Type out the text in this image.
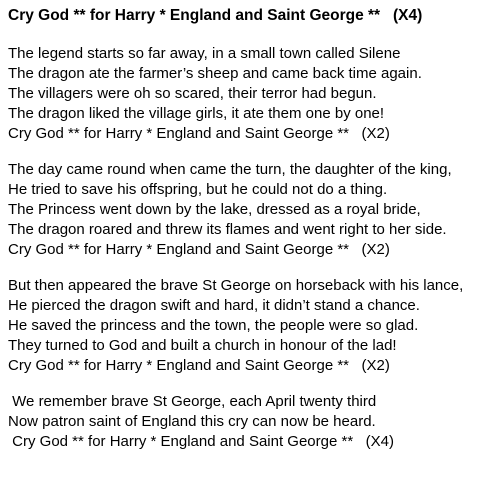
Cry God ** for Harry * England and Saint George **   (X4)
The legend starts so far away, in a small town called Silene
The dragon ate the farmer’s sheep and came back time again.
The villagers were oh so scared, their terror had begun.
The dragon liked the village girls, it ate them one by one!
Cry God ** for Harry * England and Saint George **   (X2)
The day came round when came the turn, the daughter of the king,
He tried to save his offspring, but he could not do a thing.
The Princess went down by the lake, dressed as a royal bride,
The dragon roared and threw its flames and went right to her side.
Cry God ** for Harry * England and Saint George **   (X2)
But then appeared the brave St George on horseback with his lance,
He pierced the dragon swift and hard, it didn’t stand a chance.
He saved the princess and the town, the people were so glad.
They turned to God and built a church in honour of the lad!
Cry God ** for Harry * England and Saint George **   (X2)
We remember brave St George, each April twenty third
Now patron saint of England this cry can now be heard.
Cry God ** for Harry * England and Saint George **   (X4)
